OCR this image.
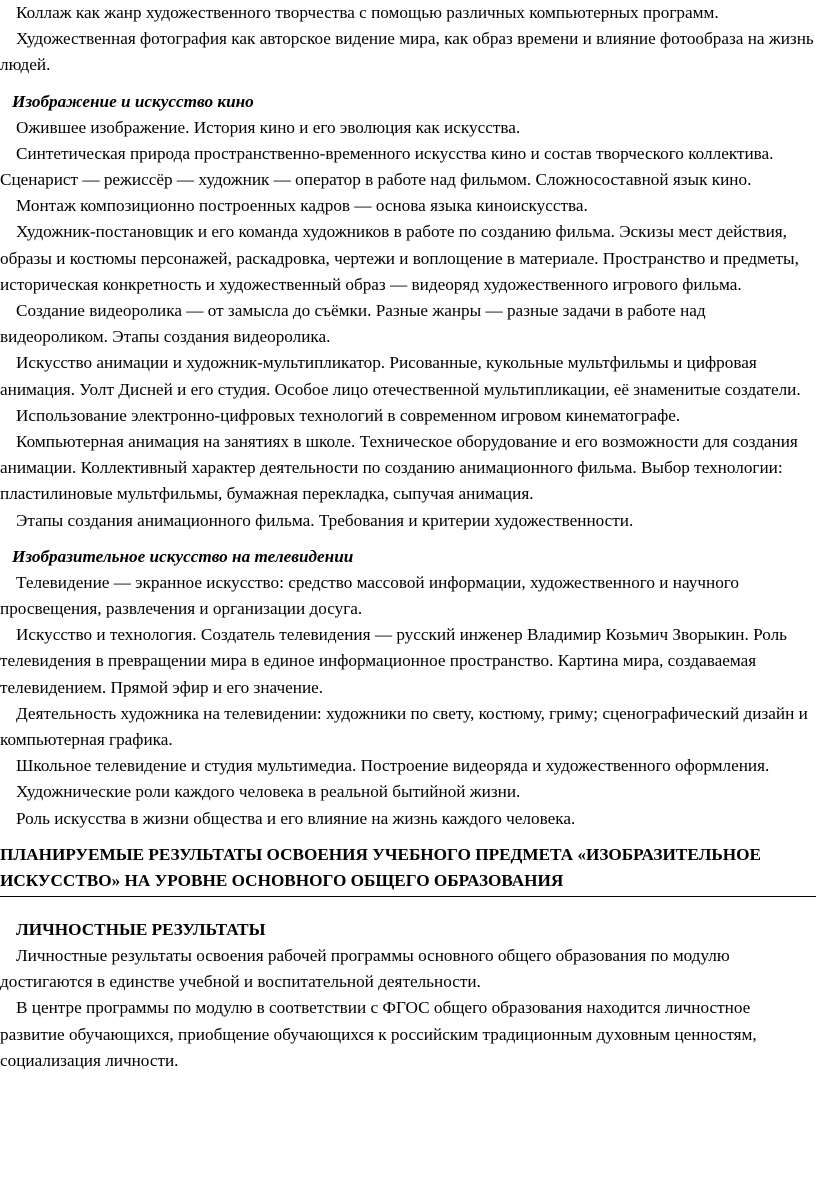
Коллаж как жанр художественного творчества с помощью различных компьютерных программ.

Художественная фотография как авторское видение мира, как образ времени и влияние фотообраза на жизнь людей.

Изображение и искусство кино

Ожившее изображение. История кино и его эволюция как искусства.

Синтетическая природа пространственно-временного искусства кино и состав творческого коллектива. Сценарист — режиссёр — художник — оператор в работе над фильмом. Сложносоставной язык кино.

Монтаж композиционно построенных кадров — основа языка киноискусства.

Художник-постановщик и его команда художников в работе по созданию фильма. Эскизы мест действия, образы и костюмы персонажей, раскадровка, чертежи и воплощение в материале. Пространство и предметы, историческая конкретность и художественный образ — видеоряд художественного игрового фильма.

Создание видеоролика — от замысла до съёмки. Разные жанры — разные задачи в работе над видеороликом. Этапы создания видеоролика.

Искусство анимации и художник-мультипликатор. Рисованные, кукольные мультфильмы и цифровая анимация. Уолт Дисней и его студия. Особое лицо отечественной мультипликации, её знаменитые создатели.

Использование электронно-цифровых технологий в современном игровом кинематографе.

Компьютерная анимация на занятиях в школе. Техническое оборудование и его возможности для создания анимации. Коллективный характер деятельности по созданию анимационного фильма. Выбор технологии: пластилиновые мультфильмы, бумажная перекладка, сыпучая анимация.

Этапы создания анимационного фильма. Требования и критерии художественности.

Изобразительное искусство на телевидении

Телевидение — экранное искусство: средство массовой информации, художественного и научного просвещения, развлечения и организации досуга.

Искусство и технология. Создатель телевидения — русский инженер Владимир Козьмич Зворыкин. Роль телевидения в превращении мира в единое информационное пространство. Картина мира, создаваемая телевидением. Прямой эфир и его значение.

Деятельность художника на телевидении: художники по свету, костюму, гриму; сценографический дизайн и компьютерная графика.

Школьное телевидение и студия мультимедиа. Построение видеоряда и художественного оформления.

Художнические роли каждого человека в реальной бытийной жизни.

Роль искусства в жизни общества и его влияние на жизнь каждого человека.

ПЛАНИРУЕМЫЕ РЕЗУЛЬТАТЫ ОСВОЕНИЯ УЧЕБНОГО ПРЕДМЕТА «ИЗОБРАЗИТЕЛЬНОЕ ИСКУССТВО» НА УРОВНЕ ОСНОВНОГО ОБЩЕГО ОБРАЗОВАНИЯ
ЛИЧНОСТНЫЕ РЕЗУЛЬТАТЫ

Личностные результаты освоения рабочей программы основного общего образования по модулю достигаются в единстве учебной и воспитательной деятельности.

В центре программы по модулю в соответствии с ФГОС общего образования находится личностное развитие обучающихся, приобщение обучающихся к российским традиционным духовным ценностям, социализация личности.
